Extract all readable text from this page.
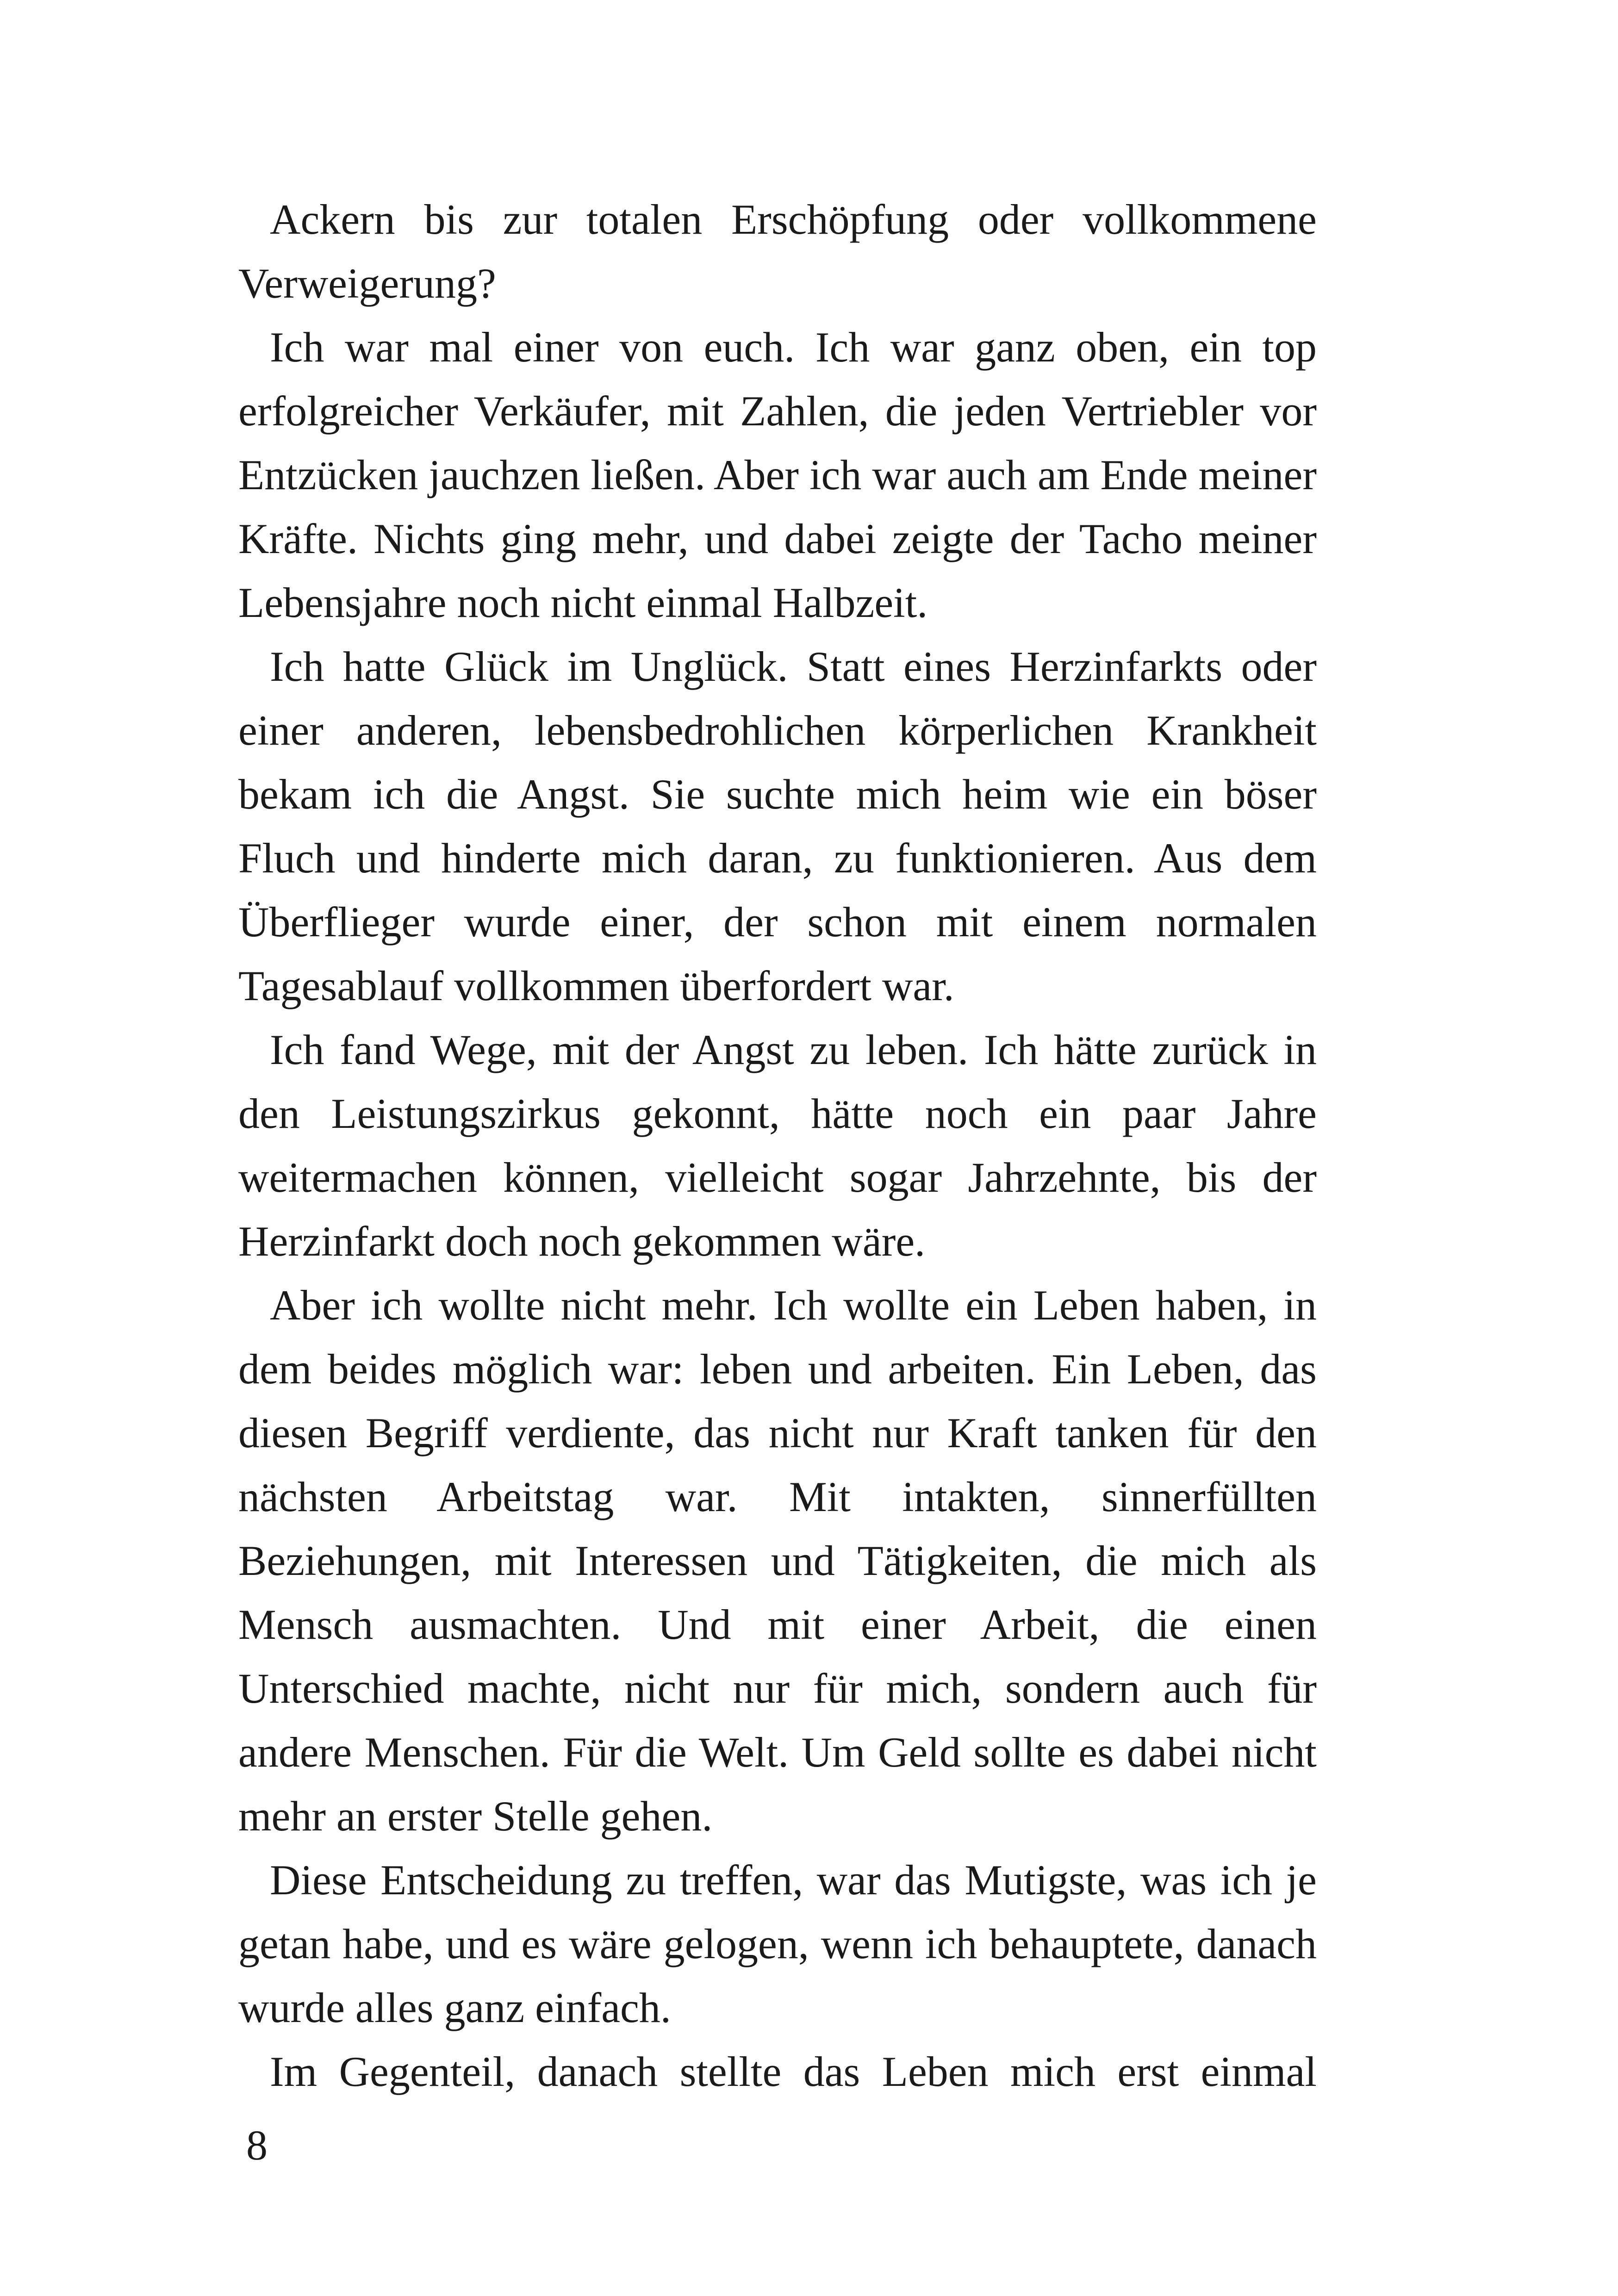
Ackern bis zur totalen Erschöpfung oder vollkommene Verweigerung?

Ich war mal einer von euch. Ich war ganz oben, ein top erfolgreicher Verkäufer, mit Zahlen, die jeden Vertriebler vor Entzücken jauchzen ließen. Aber ich war auch am Ende meiner Kräfte. Nichts ging mehr, und dabei zeigte der Tacho meiner Lebensjahre noch nicht einmal Halbzeit.

Ich hatte Glück im Unglück. Statt eines Herzinfarkts oder einer anderen, lebensbedrohlichen körperlichen Krankheit bekam ich die Angst. Sie suchte mich heim wie ein böser Fluch und hinderte mich daran, zu funktionieren. Aus dem Überflieger wurde einer, der schon mit einem normalen Tagesablauf vollkommen überfordert war.

Ich fand Wege, mit der Angst zu leben. Ich hätte zurück in den Leistungszirkus gekonnt, hätte noch ein paar Jahre weitermachen können, vielleicht sogar Jahrzehnte, bis der Herzinfarkt doch noch gekommen wäre.

Aber ich wollte nicht mehr. Ich wollte ein Leben haben, in dem beides möglich war: leben und arbeiten. Ein Leben, das diesen Begriff verdiente, das nicht nur Kraft tanken für den nächsten Arbeitstag war. Mit intakten, sinnerfüllten Beziehungen, mit Interessen und Tätigkeiten, die mich als Mensch ausmachten. Und mit einer Arbeit, die einen Unterschied machte, nicht nur für mich, sondern auch für andere Menschen. Für die Welt. Um Geld sollte es dabei nicht mehr an erster Stelle gehen.

Diese Entscheidung zu treffen, war das Mutigste, was ich je getan habe, und es wäre gelogen, wenn ich behauptete, danach wurde alles ganz einfach.

Im Gegenteil, danach stellte das Leben mich erst einmal

8
